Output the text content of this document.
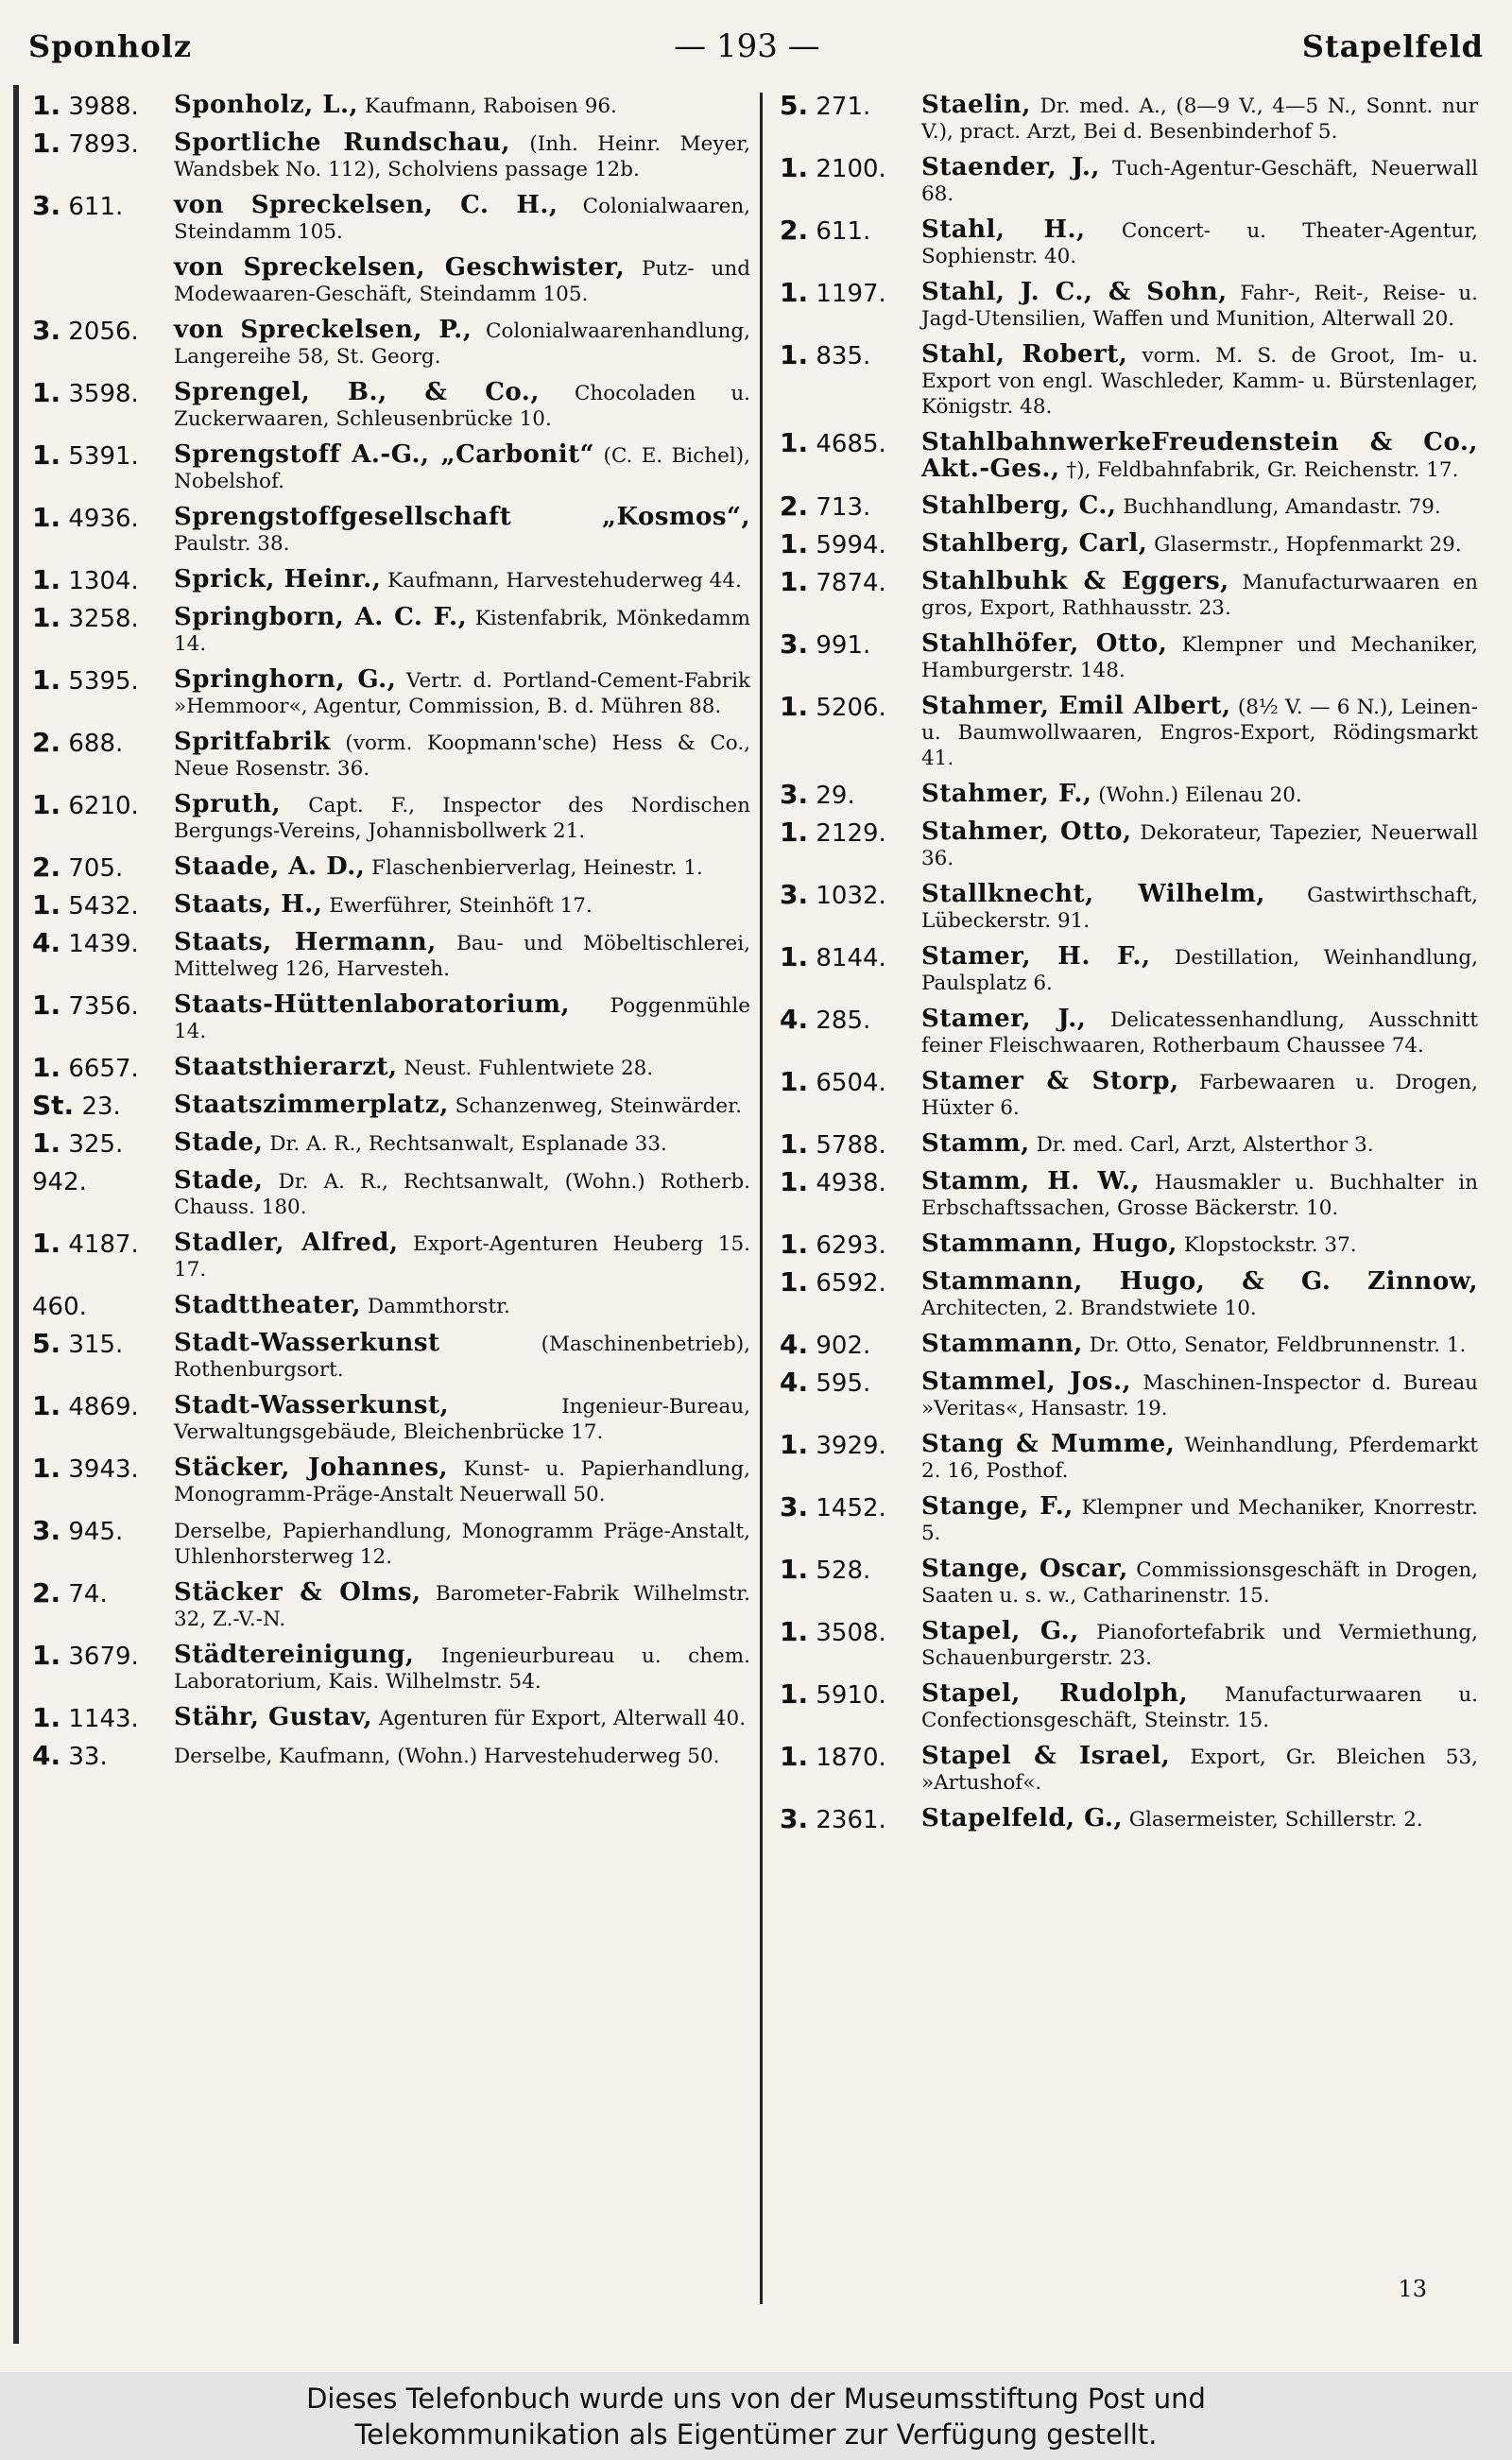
Sponholz	— 193 —	Stapelfeld
1. 3988.	Sponholz, L., Kaufmann, Raboisen 96.
1. 7893.	Sportliche Rundschau, (Inh. Heinr. Meyer, Wandsbek No. 112), Scholviens passage 12b.
3. 611.	von Spreckelsen, C. H., Colonialwaaren, Steindamm 105.
von Spreckelsen, Geschwister, Putz- und Modewaaren-Geschäft, Steindamm 105.
3. 2056.	von Spreckelsen, P., Colonialwaarenhandlung, Langereihe 58, St. Georg.
1. 3598.	Sprengel, B., & Co., Chocoladen u. Zuckerwaaren, Schleusenbrücke 10.
1. 5391.	Sprengstoff A.-G., „Carbonit“ (C. E. Bichel), Nobelshof.
1. 4936.	Sprengstoffgesellschaft „Kosmos“, Paulstr. 38.
1. 1304.	Sprick, Heinr., Kaufmann, Harvestehuderweg 44.
1. 3258.	Springborn, A. C. F., Kistenfabrik, Mönkedamm 14.
1. 5395.	Springhorn, G., Vertr. d. Portland-Cement-Fabrik »Hemmoor«, Agentur, Commission, B. d. Mühren 88.
2. 688.	Spritfabrik (vorm. Koopmann'sche) Hess & Co., Neue Rosenstr. 36.
1. 6210.	Spruth, Capt. F., Inspector des Nordischen Bergungs-Vereins, Johannisbollwerk 21.
2. 705.	Staade, A. D., Flaschenbierverlag, Heinestr. 1.
1. 5432.	Staats, H., Ewerführer, Steinhöft 17.
4. 1439.	Staats, Hermann, Bau- und Möbeltischlerei, Mittelweg 126, Harvesteh.
1. 7356.	Staats-Hüttenlaboratorium, Poggenmühle 14.
1. 6657.	Staatsthierarzt, Neust. Fuhlentwiete 28.
St. 23.	Staatszimmerplatz, Schanzenweg, Steinwärder.
1. 325.	Stade, Dr. A. R., Rechtsanwalt, Esplanade 33.
942.	Stade, Dr. A. R., Rechtsanwalt, (Wohn.) Rotherb. Chauss. 180.
1. 4187.	Stadler, Alfred, Export-Agenturen Heuberg 15. 17.
460.	Stadttheater, Dammthorstr.
5. 315.	Stadt-Wasserkunst	(Maschinenbetrieb), Rothenburgsort.
1. 4869.	Stadt-Wasserkunst,	Ingenieur-Bureau, Verwaltungsgebäude, Bleichenbrücke 17.
1. 3943.	Stäcker, Johannes, Kunst- u. Papierhandlung, Monogramm-Präge-Anstalt Neuerwall 50.
3. 945.	Derselbe, Papierhandlung, Monogramm Präge-Anstalt, Uhlenhorsterweg 12.
2. 74.	Stäcker & Olms, Barometer-Fabrik Wilhelmstr. 32, Z.-V.-N.
1. 3679.	Städtereinigung, Ingenieurbureau u. chem. Laboratorium, Kais. Wilhelmstr. 54.
1. 1143.	Stähr, Gustav, Agenturen für Export, Alterwall 40.
4. 33.	Derselbe, Kaufmann, (Wohn.) Harvestehuderweg 50.
5. 271.	Staelin, Dr. med. A., (8—9 V., 4—5 N., Sonnt. nur V.), pract. Arzt, Bei d. Besenbinderhof 5.
1. 2100.	Staender, J., Tuch-Agentur-Geschäft, Neuerwall 68.
2. 611.	Stahl, H., Concert- u. Theater-Agentur, Sophienstr. 40.
1. 1197.	Stahl, J. C., & Sohn, Fahr-, Reit-, Reise- u. Jagd-Utensilien, Waffen und Munition, Alterwall 20.
1. 835.	Stahl, Robert, vorm. M. S. de Groot, Im- u. Export von engl. Waschleder, Kamm- u. Bürstenlager, Königstr. 48.
1. 4685.	StahlbahnwerkeFreudenstein & Co., Akt.-Ges., †), Feldbahnfabrik, Gr. Reichenstr. 17.
2. 713.	Stahlberg, C., Buchhandlung, Amandastr. 79.
1. 5994.	Stahlberg, Carl, Glasermstr., Hopfenmarkt 29.
1. 7874.	Stahlbuhk & Eggers, Manufacturwaaren en gros, Export, Rathhausstr. 23.
3. 991.	Stahlhöfer, Otto, Klempner und Mechaniker, Hamburgerstr. 148.
1. 5206.	Stahmer, Emil Albert, (8½ V. — 6 N.), Leinen- u. Baumwollwaaren, Engros-Export, Rödingsmarkt 41.
3. 29.	Stahmer, F., (Wohn.) Eilenau 20.
1. 2129.	Stahmer, Otto, Dekorateur, Tapezier, Neuerwall 36.
3. 1032.	Stallknecht, Wilhelm, Gastwirthschaft, Lübeckerstr. 91.
1. 8144.	Stamer, H. F., Destillation, Weinhandlung, Paulsplatz 6.
4. 285.	Stamer, J., Delicatessenhandlung, Ausschnitt feiner Fleischwaaren, Rotherbaum Chaussee 74.
1. 6504.	Stamer & Storp, Farbewaaren u. Drogen, Hüxter 6.
1. 5788.	Stamm, Dr. med. Carl, Arzt, Alsterthor 3.
1. 4938.	Stamm, H. W., Hausmakler u. Buchhalter in Erbschaftssachen, Grosse Bäckerstr. 10.
1. 6293.	Stammann, Hugo, Klopstockstr. 37.
1. 6592.	Stammann, Hugo, & G. Zinnow, Architecten, 2. Brandstwiete 10.
4. 902.	Stammann, Dr. Otto, Senator, Feldbrunnenstr. 1.
4. 595.	Stammel, Jos., Maschinen-Inspector d. Bureau »Veritas«, Hansastr. 19.
1. 3929.	Stang & Mumme, Weinhandlung, Pferdemarkt 2. 16, Posthof.
3. 1452.	Stange, F., Klempner und Mechaniker, Knorrestr. 5.
1. 528.	Stange, Oscar, Commissionsgeschäft in Drogen, Saaten u. s. w., Catharinenstr. 15.
1. 3508.	Stapel, G., Pianofortefabrik und Vermiethung, Schauenburgerstr. 23.
1. 5910.	Stapel, Rudolph, Manufacturwaaren u. Confectionsgeschäft, Steinstr. 15.
1. 1870.	Stapel & Israel, Export, Gr. Bleichen 53, »Artushof«.
3. 2361.	Stapelfeld, G., Glasermeister, Schillerstr. 2.
13
Dieses Telefonbuch wurde uns von der Museumsstiftung Post und
Telekommunikation als Eigentümer zur Verfügung gestellt.
